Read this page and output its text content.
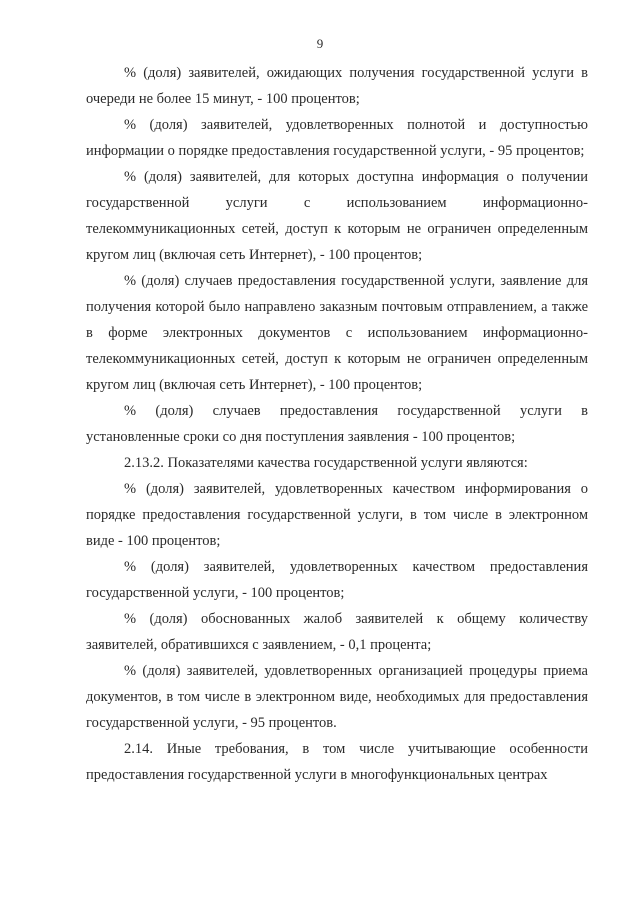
9

% (доля) заявителей, ожидающих получения государственной услуги в очереди не более 15 минут, - 100 процентов;

% (доля) заявителей, удовлетворенных полнотой и доступностью информации о порядке предоставления государственной услуги, - 95 процентов;

% (доля) заявителей, для которых доступна информация о получении государственной услуги с использованием информационно-телекоммуникационных сетей, доступ к которым не ограничен определенным кругом лиц (включая сеть Интернет), - 100 процентов;

% (доля) случаев предоставления государственной услуги, заявление для получения которой было направлено заказным почтовым отправлением, а также в форме электронных документов с использованием информационно-телекоммуникационных сетей, доступ к которым не ограничен определенным кругом лиц (включая сеть Интернет), - 100 процентов;

% (доля) случаев предоставления государственной услуги в установленные сроки со дня поступления заявления - 100 процентов;

2.13.2. Показателями качества государственной услуги являются:

% (доля) заявителей, удовлетворенных качеством информирования о порядке предоставления государственной услуги, в том числе в электронном виде - 100 процентов;

% (доля) заявителей, удовлетворенных качеством предоставления государственной услуги, - 100 процентов;

% (доля) обоснованных жалоб заявителей к общему количеству заявителей, обратившихся с заявлением, - 0,1 процента;

% (доля) заявителей, удовлетворенных организацией процедуры приема документов, в том числе в электронном виде, необходимых для предоставления государственной услуги, - 95 процентов.

2.14. Иные требования, в том числе учитывающие особенности предоставления государственной услуги в многофункциональных центрах
